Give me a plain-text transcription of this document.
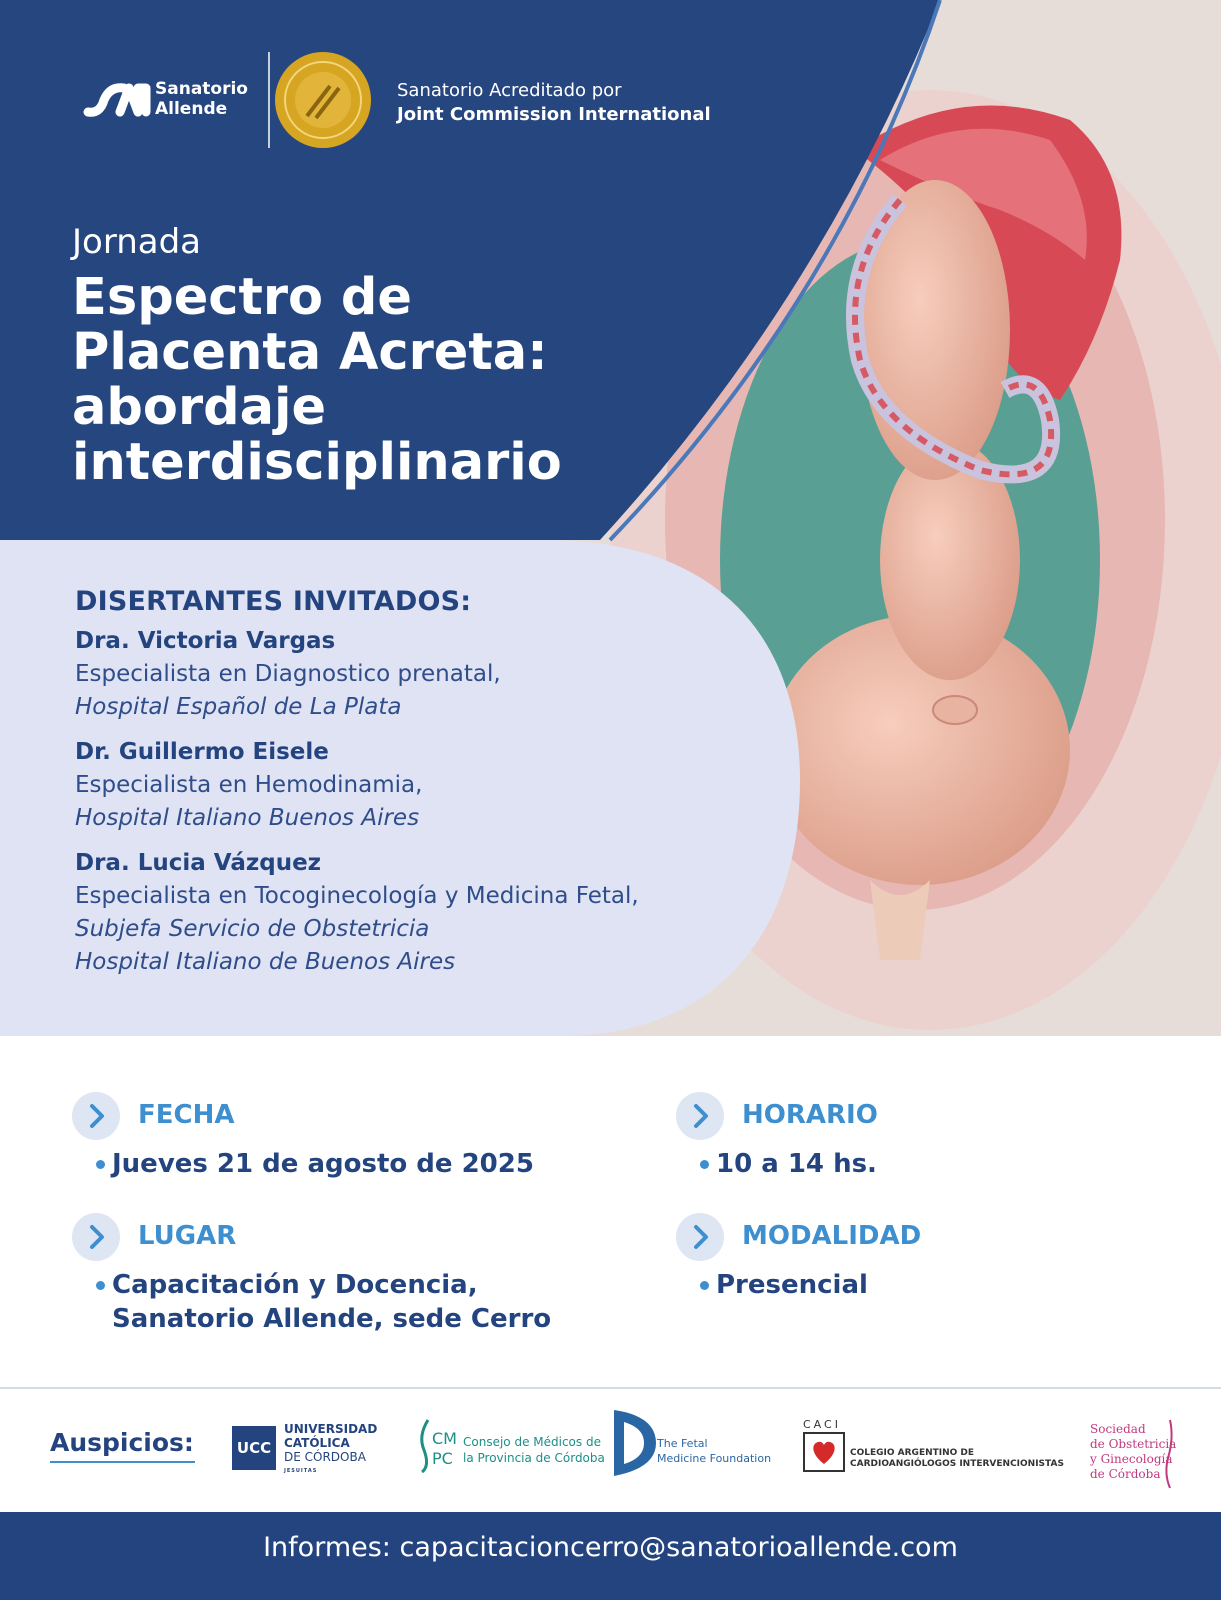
Sanatorio
Allende
Sanatorio Acreditado por
Joint Commission International
Jornada
Espectro de
Placenta Acreta:
abordaje
interdisciplinario
DISERTANTES INVITADOS:
Dra. Victoria Vargas
Especialista en Diagnostico prenatal,
Hospital Español de La Plata
Dr. Guillermo Eisele
Especialista en Hemodinamia,
Hospital Italiano Buenos Aires
Dra. Lucia Vázquez
Especialista en Tocoginecología y Medicina Fetal,
Subjefa Servicio de Obstetricia
Hospital Italiano de Buenos Aires
FECHA
Jueves 21 de agosto de 2025
HORARIO
10 a 14 hs.
LUGAR
Capacitación y Docencia,
Sanatorio Allende, sede Cerro
MODALIDAD
Presencial
Auspicios:	UCC
UNIVERSIDAD
CATÓLICA
DE CÓRDOBA
JESUITAS
CM
PC
Consejo de Médicos de
la Provincia de Córdoba
The Fetal
Medicine Foundation
CACI
COLEGIO ARGENTINO DE
CARDIOANGIÓLOGOS INTERVENCIONISTAS
Sociedad
de Obstetricia
y Ginecología
de Córdoba
Informes: capacitacioncerro@sanatorioallende.com
